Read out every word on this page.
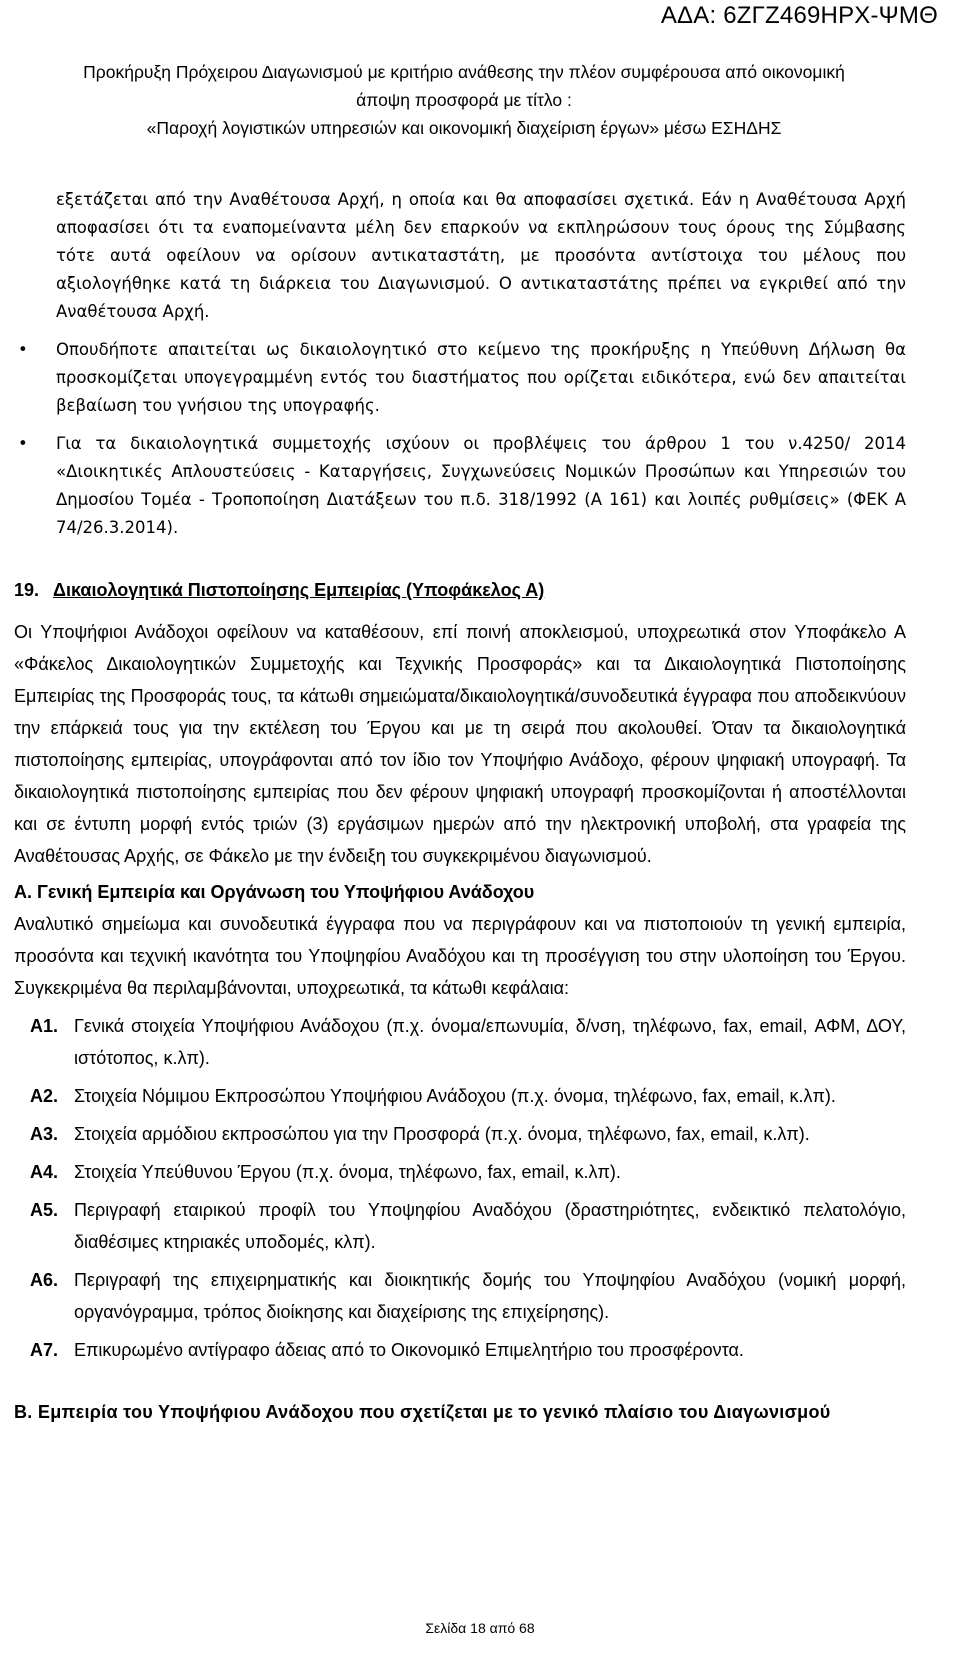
ΑΔΑ: 6ΖΓΖ469ΗΡΧ-ΨΜΘ
Προκήρυξη Πρόχειρου Διαγωνισμού με κριτήριο ανάθεσης την πλέον συμφέρουσα από οικονομική
άποψη προσφορά με τίτλο :
«Παροχή λογιστικών υπηρεσιών και οικονομική διαχείριση έργων» μέσω ΕΣΗΔΗΣ

εξετάζεται από την Αναθέτουσα Αρχή, η οποία και θα αποφασίσει σχετικά. Εάν η Αναθέτουσα Αρχή αποφασίσει ότι τα εναπομείναντα μέλη δεν επαρκούν να εκπληρώσουν τους όρους της Σύμβασης τότε αυτά οφείλουν να ορίσουν αντικαταστάτη, με προσόντα αντίστοιχα του μέλους που αξιολογήθηκε κατά τη διάρκεια του Διαγωνισμού. Ο αντικαταστάτης πρέπει να εγκριθεί από την Αναθέτουσα Αρχή.

• Οπουδήποτε απαιτείται ως δικαιολογητικό στο κείμενο της προκήρυξης η Υπεύθυνη Δήλωση θα προσκομίζεται υπογεγραμμένη εντός του διαστήματος που ορίζεται ειδικότερα, ενώ δεν απαιτείται βεβαίωση του γνήσιου της υπογραφής.

• Για τα δικαιολογητικά συμμετοχής ισχύουν οι προβλέψεις του άρθρου 1 του ν.4250/ 2014 «Διοικητικές Απλουστεύσεις - Καταργήσεις, Συγχωνεύσεις Νομικών Προσώπων και Υπηρεσιών του Δημοσίου Τομέα - Τροποποίηση Διατάξεων του π.δ. 318/1992 (Α 161) και λοιπές ρυθμίσεις» (ΦΕΚ Α 74/26.3.2014).

19. Δικαιολογητικά Πιστοποίησης Εμπειρίας (Υποφάκελος Α)

Οι Υποψήφιοι Ανάδοχοι οφείλουν να καταθέσουν, επί ποινή αποκλεισμού, υποχρεωτικά στον Υποφάκελο Α «Φάκελος Δικαιολογητικών Συμμετοχής και Τεχνικής Προσφοράς» και τα Δικαιολογητικά Πιστοποίησης Εμπειρίας της Προσφοράς τους, τα κάτωθι σημειώματα/δικαιολογητικά/συνοδευτικά έγγραφα που αποδεικνύουν την επάρκειά τους για την εκτέλεση του Έργου και με τη σειρά που ακολουθεί. Όταν τα δικαιολογητικά πιστοποίησης εμπειρίας, υπογράφονται από τον ίδιο τον Υποψήφιο Ανάδοχο, φέρουν ψηφιακή υπογραφή. Τα δικαιολογητικά πιστοποίησης εμπειρίας που δεν φέρουν ψηφιακή υπογραφή προσκομίζονται ή αποστέλλονται και σε έντυπη μορφή εντός τριών (3) εργάσιμων ημερών από την ηλεκτρονική υποβολή, στα γραφεία της Αναθέτουσας Αρχής, σε Φάκελο με την ένδειξη του συγκεκριμένου διαγωνισμού.

Α. Γενική Εμπειρία και Οργάνωση του Υποψήφιου Ανάδοχου

Αναλυτικό σημείωμα και συνοδευτικά έγγραφα που να περιγράφουν και να πιστοποιούν τη γενική εμπειρία, προσόντα και τεχνική ικανότητα του Υποψηφίου Αναδόχου και τη προσέγγιση του στην υλοποίηση του Έργου. Συγκεκριμένα θα περιλαμβάνονται, υποχρεωτικά, τα κάτωθι κεφάλαια:

Α1. Γενικά στοιχεία Υποψήφιου Ανάδοχου (π.χ. όνομα/επωνυμία, δ/νση, τηλέφωνο, fax, email, ΑΦΜ, ΔΟΥ, ιστότοπος, κ.λπ).
Α2. Στοιχεία Νόμιμου Εκπροσώπου Υποψήφιου Ανάδοχου (π.χ. όνομα, τηλέφωνο, fax, email, κ.λπ).
Α3. Στοιχεία αρμόδιου εκπροσώπου για την Προσφορά (π.χ. όνομα, τηλέφωνο, fax, email, κ.λπ).
Α4. Στοιχεία Υπεύθυνου Έργου (π.χ. όνομα, τηλέφωνο, fax, email, κ.λπ).
Α5. Περιγραφή εταιρικού προφίλ του Υποψηφίου Αναδόχου (δραστηριότητες, ενδεικτικό πελατολόγιο, διαθέσιμες κτηριακές υποδομές, κλπ).
Α6. Περιγραφή της επιχειρηματικής και διοικητικής δομής του Υποψηφίου Αναδόχου (νομική μορφή, οργανόγραμμα, τρόπος διοίκησης και διαχείρισης της επιχείρησης).
Α7. Επικυρωμένο αντίγραφο άδειας από το Οικονομικό Επιμελητήριο του προσφέροντα.
Β. Εμπειρία του Υποψήφιου Ανάδοχου που σχετίζεται με το γενικό πλαίσιο του Διαγωνισμού
Σελίδα 18 από 68
